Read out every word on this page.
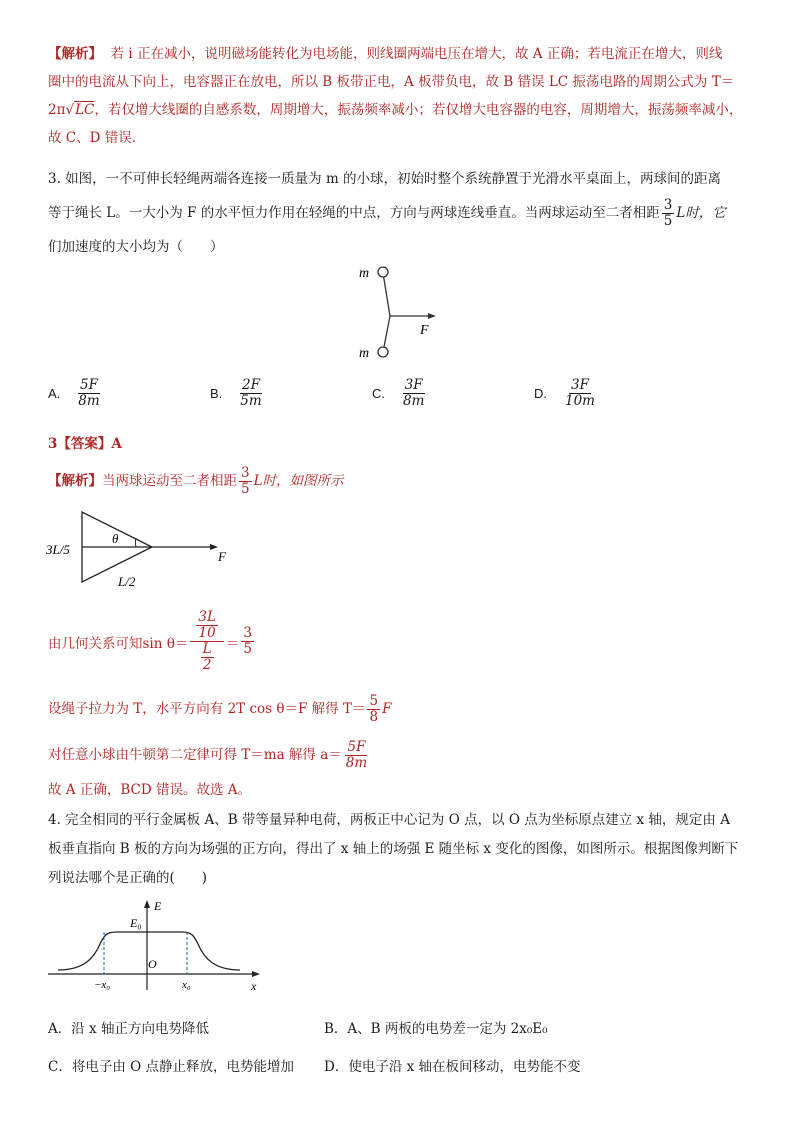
【解析】 若 i 正在减小，说明磁场能转化为电场能，则线圈两端电压在增大，故 A 正确；若电流正在增大，则线
圈中的电流从下向上，电容器正在放电，所以 B 板带正电，A 板带负电，故 B 错误 LC 振荡电路的周期公式为 T＝
2π√LC，若仅增大线圈的自感系数，周期增大，振荡频率减小；若仅增大电容器的电容，周期增大，振荡频率减小，
故 C、D 错误．
3. 如图，一不可伸长轻绳两端各连接一质量为 m 的小球，初始时整个系统静置于光滑水平桌面上，两球间的距离
等于绳长 L。一大小为 F 的水平恒力作用在轻绳的中点，方向与两球连线垂直。当两球运动至二者相距 $\frac{3}{5}$ L时，它
们加速度的大小均为（　　）
m
m
F
A. $\frac{5F}{8m}$	B. $\frac{2F}{5m}$	C. $\frac{3F}{8m}$	D. $\frac{3F}{10m}$
3【答案】A
【解析】当两球运动至二者相距 $\frac{3}{5}$ L时，如图所示
3L/5
θ
L/2
F
由几何关系可知$\sin \theta= \frac{\frac{3L}{10}}{\frac{L}{2}} = \frac{3}{5}$
设绳子拉力为 T，水平方向有 2T cos θ＝F 解得 $T= \frac{5}{8}$ F
对任意小球由牛顿第二定律可得 T＝ma 解得 $a= \frac{5F}{8m}$
故 A 正确，BCD 错误。故选 A。
4. 完全相同的平行金属板 A、B 带等量异种电荷，两板正中心记为 O 点，以 O 点为坐标原点建立 x 轴，规定由 A
板垂直指向 B 板的方向为场强的正方向，得出了 x 轴上的场强 E 随坐标 x 变化的图像，如图所示。根据图像判断下
列说法哪个是正确的(　　)
E
E₀
O
−x₀	x₀	x
A．沿 x 轴正方向电势降低
C．将电子由 O 点静止释放，电势能增加
B．A、B 两板的电势差一定为 2x₀E₀
D．使电子沿 x 轴在板间移动，电势能不变
